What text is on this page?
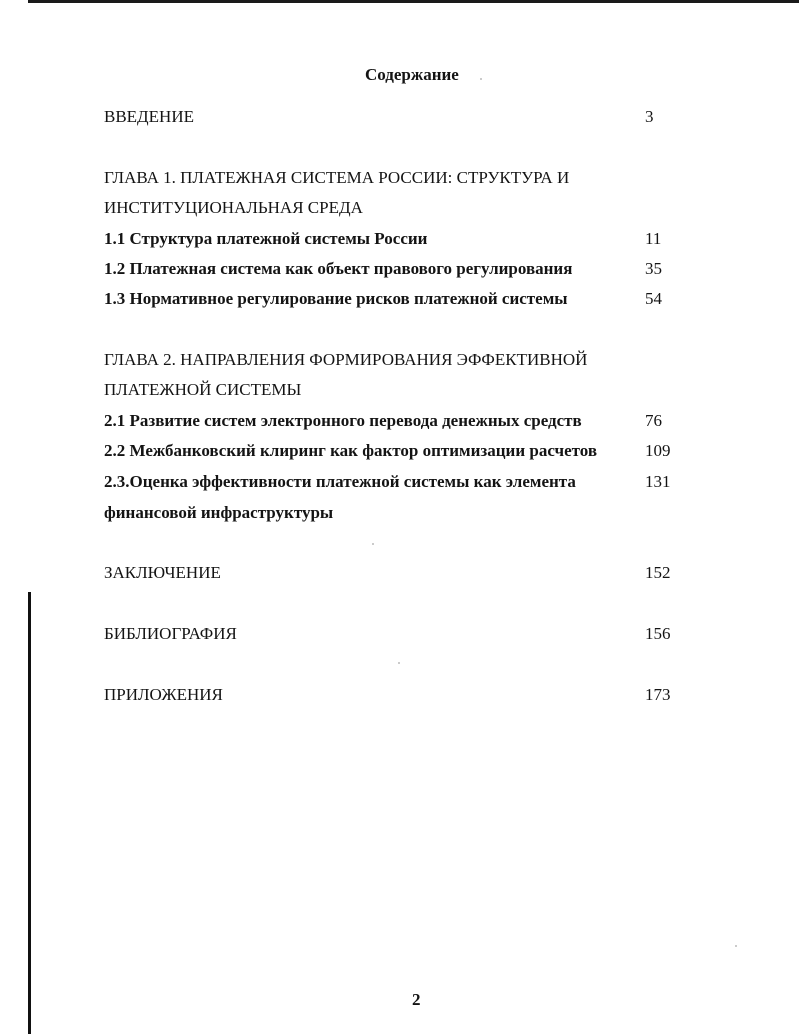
Содержание
ВВЕДЕНИЕ	3
ГЛАВА 1. ПЛАТЕЖНАЯ СИСТЕМА РОССИИ: СТРУКТУРА И
ИНСТИТУЦИОНАЛЬНАЯ СРЕДА
1.1 Структура платежной системы России	11
1.2 Платежная система как объект правового регулирования	35
1.3 Нормативное регулирование рисков платежной системы	54
ГЛАВА 2. НАПРАВЛЕНИЯ ФОРМИРОВАНИЯ ЭФФЕКТИВНОЙ
ПЛАТЕЖНОЙ СИСТЕМЫ
2.1 Развитие систем электронного перевода денежных средств	76
2.2 Межбанковский клиринг как фактор оптимизации расчетов	109
2.3.Оценка эффективности платежной системы как элемента	131
финансовой инфраструктуры
ЗАКЛЮЧЕНИЕ	152
БИБЛИОГРАФИЯ	156
ПРИЛОЖЕНИЯ	173
2
